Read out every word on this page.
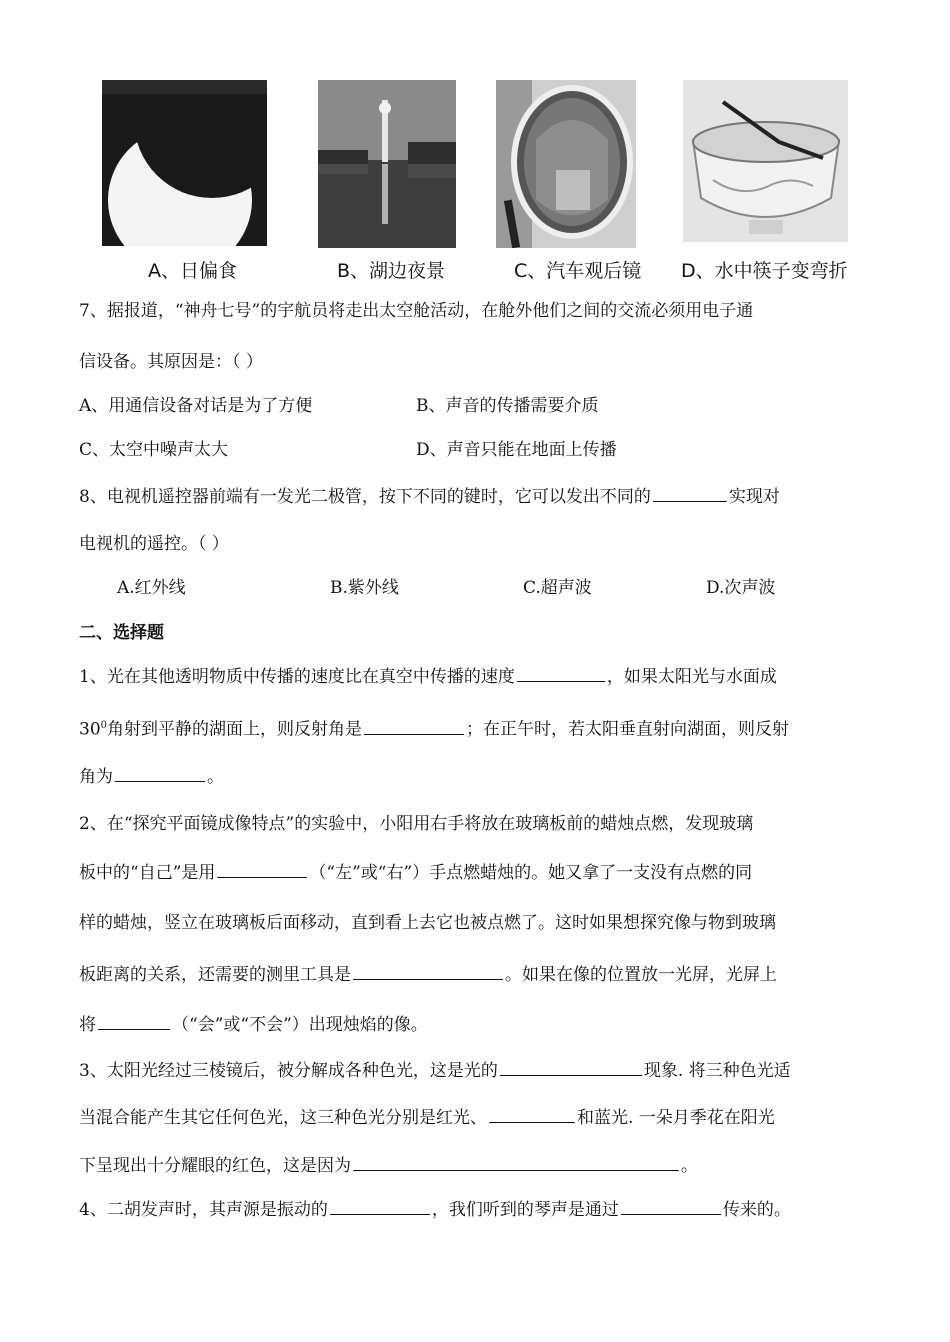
A、日偏食	B、湖边夜景	C、汽车观后镜 D、水中筷子变弯折
7、据报道，“神舟七号”的宇航员将走出太空舱活动，在舱外他们之间的交流必须用电子通
信设备。其原因是：（ ）
A、用通信设备对话是为了方便	B、声音的传播需要介质
C、太空中噪声太大	D、声音只能在地面上传播
8、电视机遥控器前端有一发光二极管，按下不同的键时，它可以发出不同的	实现对
电视机的遥控。（ ）
A.红外线	B.紫外线	C.超声波	D.次声波
二、选择题
1、光在其他透明物质中传播的速度比在真空中传播的速度	，如果太阳光与水面成
$30^0$角射到平静的湖面上，则反射角是	；在正午时，若太阳垂直射向湖面，则反射
角为	。
2、在“探究平面镜成像特点”的实验中，小阳用右手将放在玻璃板前的蜡烛点燃，发现玻璃
板中的“自己”是用	（“左”或“右”）手点燃蜡烛的。她又拿了一支没有点燃的同
样的蜡烛，竖立在玻璃板后面移动，直到看上去它也被点燃了。这时如果想探究像与物到玻璃
板距离的关系，还需要的测里工具是	。如果在像的位置放一光屏，光屏上
将	（“会”或“不会”）出现烛焰的像。
3、太阳光经过三棱镜后，被分解成各种色光，这是光的	现象. 将三种色光适
当混合能产生其它任何色光，这三种色光分别是红光、	和蓝光. 一朵月季花在阳光
下呈现出十分耀眼的红色，这是因为	。
4、二胡发声时，其声源是振动的	，我们听到的琴声是通过	传来的。
